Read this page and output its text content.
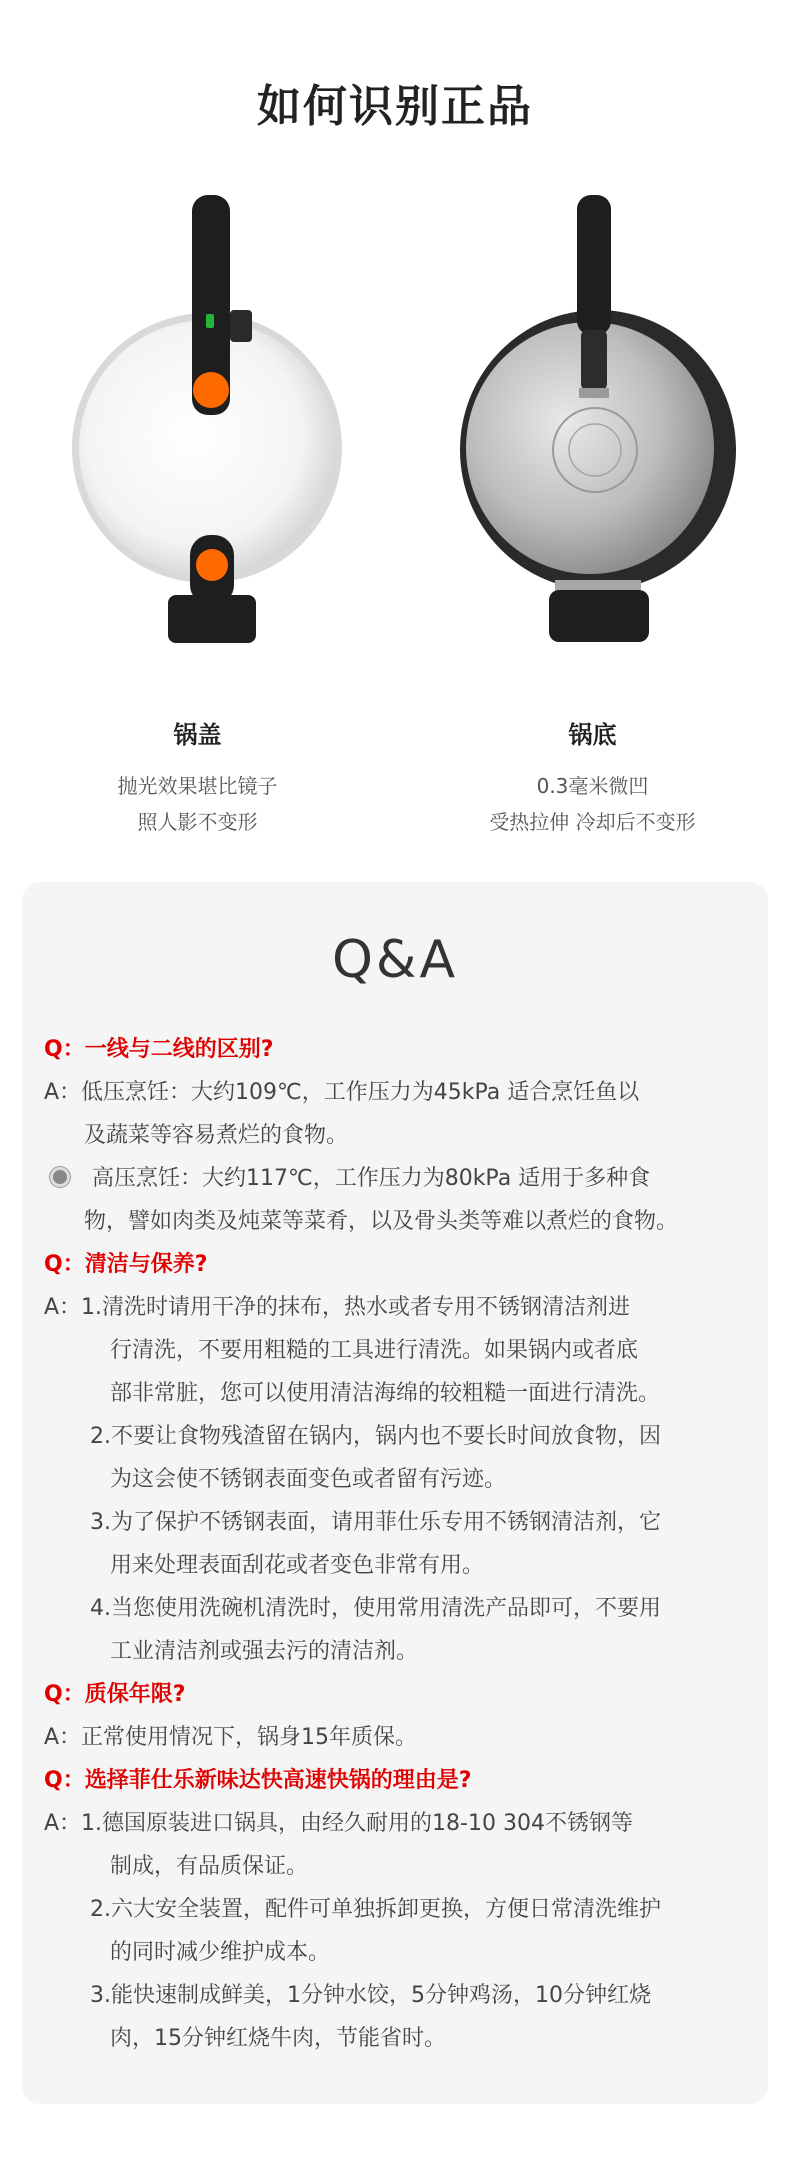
如何识别正品
锅盖
抛光效果堪比镜子
照人影不变形
锅底
0.3毫米微凹
受热拉伸 冷却后不变形
Q&A
Q：一线与二线的区别?
A：低压烹饪：大约109℃，工作压力为45kPa 适合烹饪鱼以
及蔬菜等容易煮烂的食物。
高压烹饪：大约117℃，工作压力为80kPa 适用于多种食
物，譬如肉类及炖菜等菜肴，以及骨头类等难以煮烂的食物。
Q：清洁与保养?
A：1.清洗时请用干净的抹布，热水或者专用不锈钢清洁剂进
行清洗，不要用粗糙的工具进行清洗。如果锅内或者底
部非常脏，您可以使用清洁海绵的较粗糙一面进行清洗。
2.不要让食物残渣留在锅内，锅内也不要长时间放食物，因
为这会使不锈钢表面变色或者留有污迹。
3.为了保护不锈钢表面，请用菲仕乐专用不锈钢清洁剂，它
用来处理表面刮花或者变色非常有用。
4.当您使用洗碗机清洗时，使用常用清洗产品即可，不要用
工业清洁剂或强去污的清洁剂。
Q：质保年限?
A：正常使用情况下，锅身15年质保。
Q：选择菲仕乐新味达快高速快锅的理由是?
A：1.德国原装进口锅具，由经久耐用的18-10 304不锈钢等
制成，有品质保证。
2.六大安全装置，配件可单独拆卸更换，方便日常清洗维护
的同时减少维护成本。
3.能快速制成鲜美，1分钟水饺，5分钟鸡汤，10分钟红烧
肉，15分钟红烧牛肉，节能省时。
